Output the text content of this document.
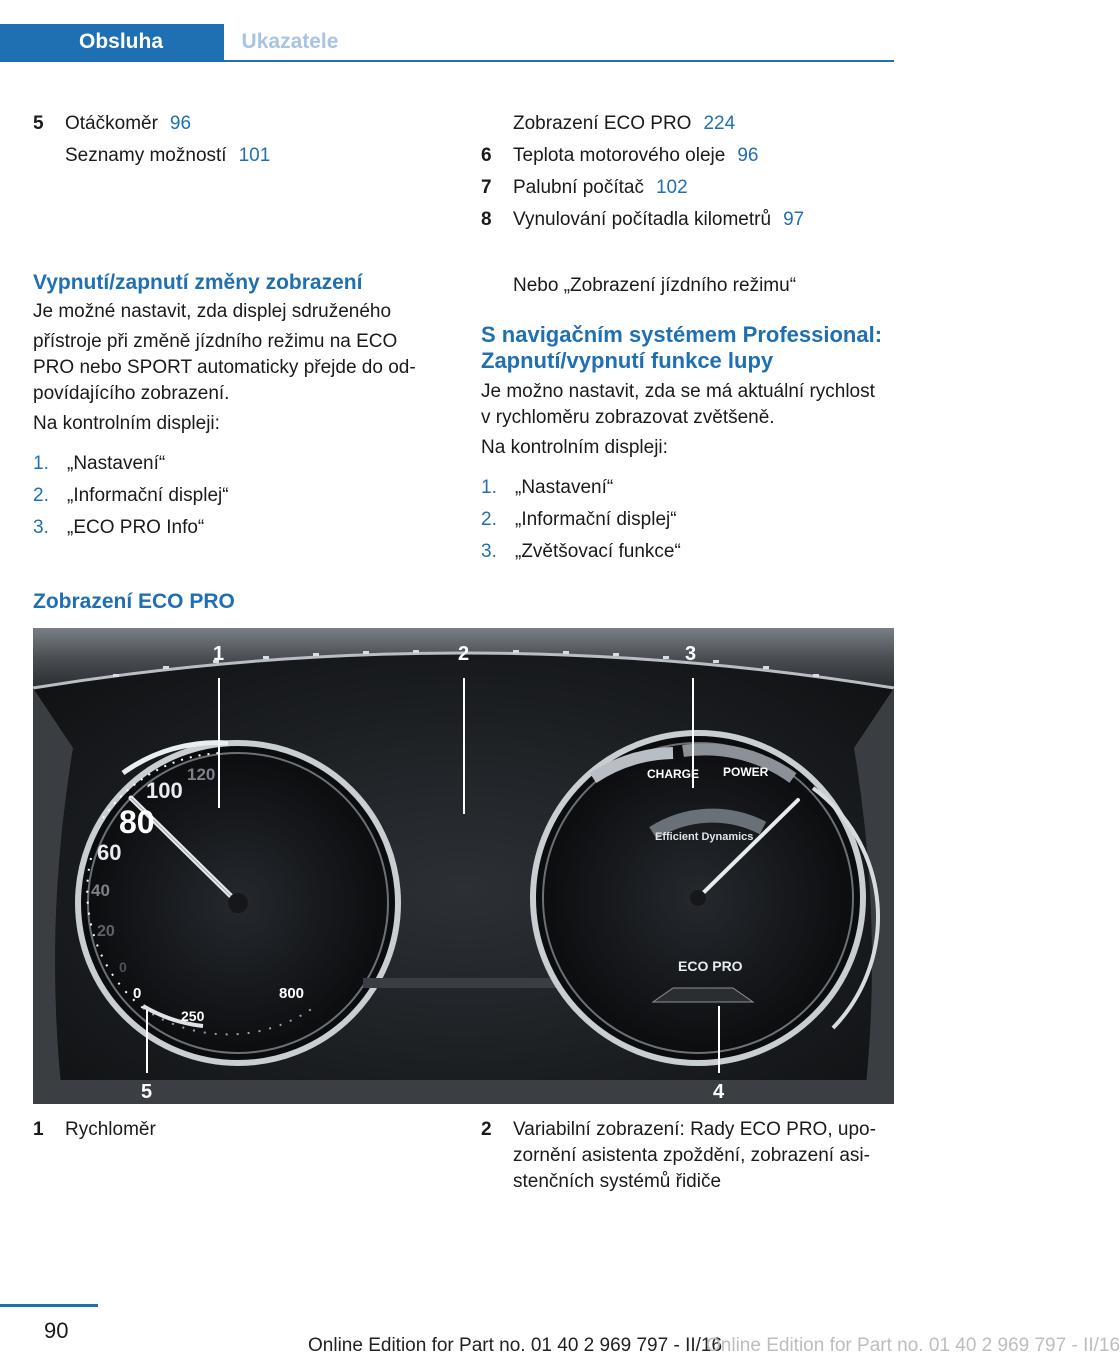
Obsluha	Ukazatele
5	Otáčkoměr 96
Seznamy možností 101
Zobrazení ECO PRO 224
6	Teplota motorového oleje 96
7	Palubní počítač 102
8	Vynulování počítadla kilometrů 97
Vypnutí/zapnutí změny zobrazení
Je možné nastavit, zda displej sdruženého
přístroje při změně jízdního režimu na ECO
PRO nebo SPORT automaticky přejde do od‐
povídajícího zobrazení.
Na kontrolním displeji:
1. „Nastavení“
2. „Informační displej“
3. „ECO PRO Info“
Nebo „Zobrazení jízdního režimu“
S navigačním systémem Professional:
Zapnutí/vypnutí funkce lupy
Je možno nastavit, zda se má aktuální rychlost
v rychloměru zobrazovat zvětšeně.
Na kontrolním displeji:
1. „Nastavení“
2. „Informační displej“
3. „Zvětšovací funkce“
Zobrazení ECO PRO
120
100
80
60
40
20
0
0
250
800
CHARGE POWER
Efficient Dynamics
ECO PRO
1	2	3
4
5
1	Rychloměr	2	Variabilní zobrazení: Rady ECO PRO, upo‐
zornění asistenta zpoždění, zobrazení asi‐
stenčních systémů řidiče
90
Online Edition for Part no. 01 40 2 969 797 - II/16
Online Edition for Part no. 01 40 2 969 797 - II/16
